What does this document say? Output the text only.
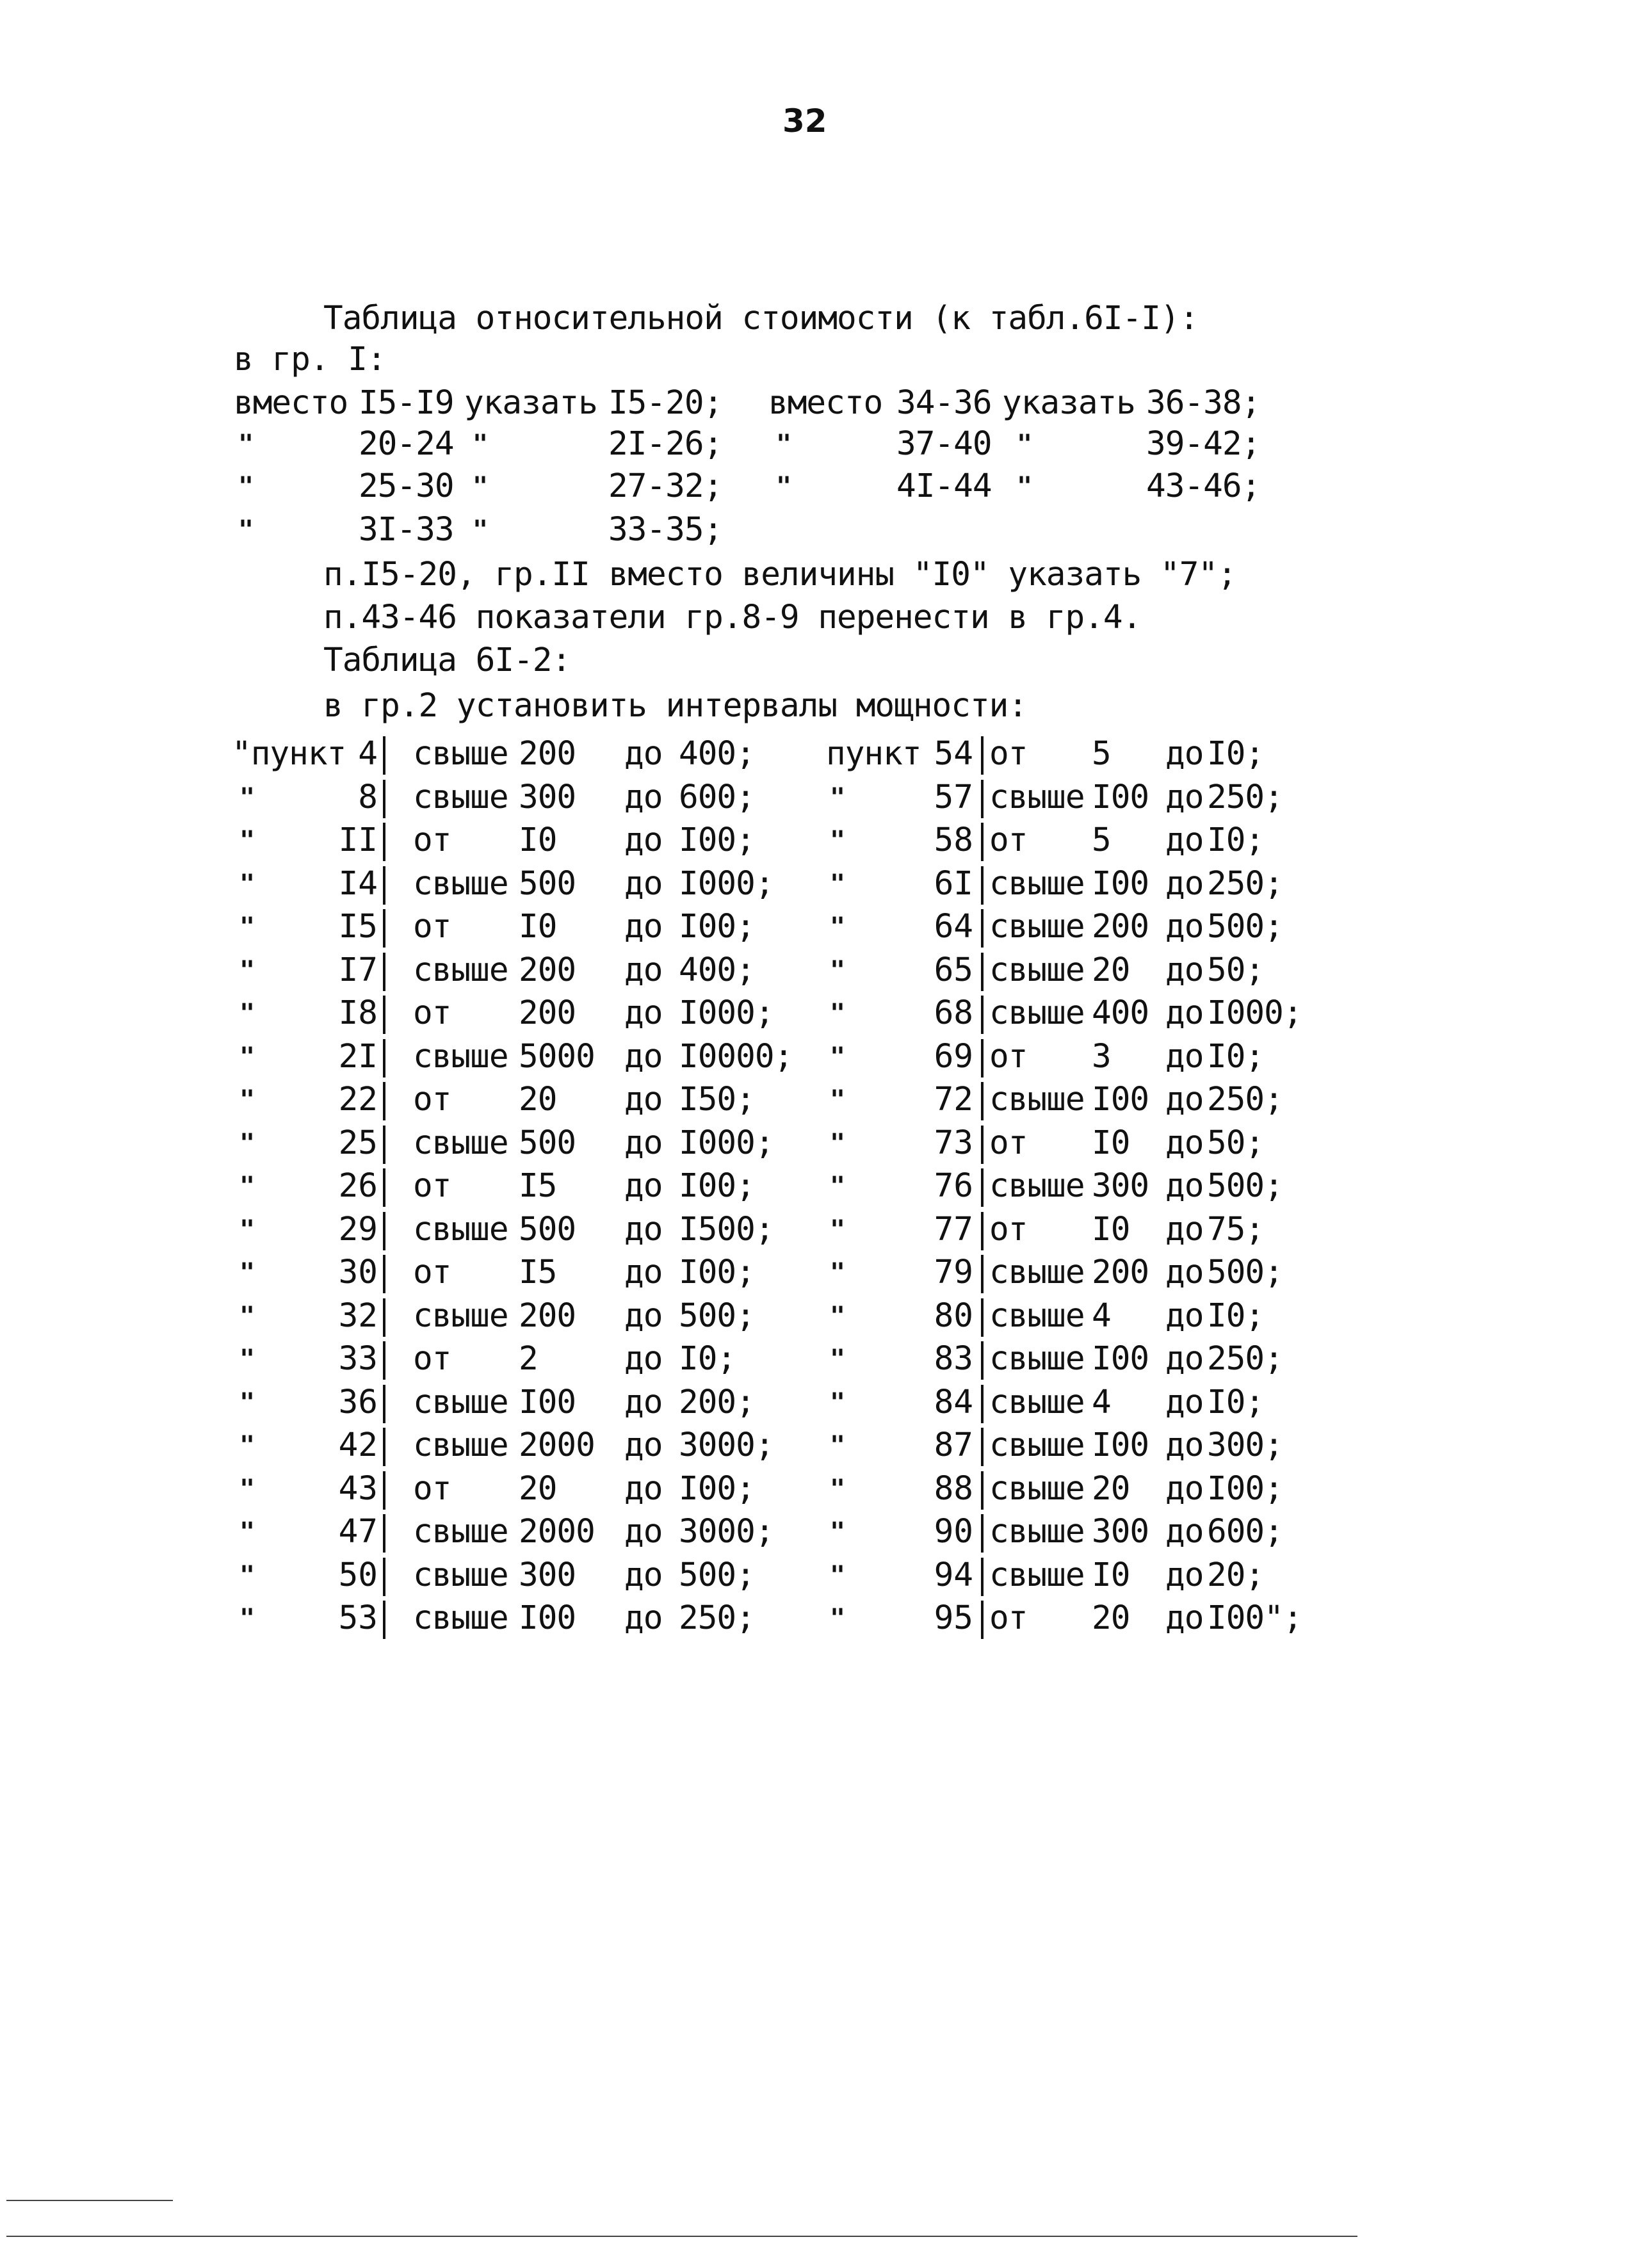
32
Таблица относительной стоимости (к табл.6I-I):
в гр. I:
вместо I5-I9 указать I5-20; вместо 34-36 указать 36-38;
"	20-24 "	2I-26; "	37-40 "	39-42;
"	25-30 "	27-32; "	4I-44 "	43-46;
"	3I-33 "	33-35;
п.I5-20, гр.II вместо величины "I0" указать "7";
п.43-46 показатели гр.8-9 перенести в гр.4.
Таблица 6I-2:
в гр.2 установить интервалы мощности:
"пункт 4 свыше 200 до 400;
"	8 свыше 300 до 600;
"	II от I0 до I00;
"	I4 свыше 500 до I000;
"	I5 от I0 до I00;
"	I7 свыше 200 до 400;
"	I8 от 200 до I000;
"	2I свыше 5000 до I0000;
"	22 от 20 до I50;
"	25 свыше 500 до I000;
"	26 от I5 до I00;
"	29 свыше 500 до I500;
"	30 от I5 до I00;
"	32 свыше 200 до 500;
"	33 от 2	до I0;
"	36 свыше I00 до 200;
"	42 свыше 2000 до 3000;
"	43 от 20 до I00;
"	47 свыше 2000 до 3000;
"	50 свыше 300 до 500;
"	53 свыше I00 до 250;
пункт 54 от 5 до I0;
"	57 свыше I00 до 250;
"	58 от 5 до I0;
"	6I свыше I00 до 250;
"	64 свыше 200 до 500;
"	65 свыше 20 до 50;
"	68 свыше 400 до I000;
"	69 от 3 до I0;
"	72 свыше I00 до 250;
"	73 от I0 до 50;
"	76 свыше 300 до 500;
"	77 от I0 до 75;
"	79 свыше 200 до 500;
"	80 свыше 4 до I0;
"	83 свыше I00 до 250;
"	84 свыше 4 до I0;
"	87 свыше I00 до 300;
"	88 свыше 20 до I00;
"	90 свыше 300 до 600;
"	94 свыше I0 до 20;
"	95 от 20 до I00";
